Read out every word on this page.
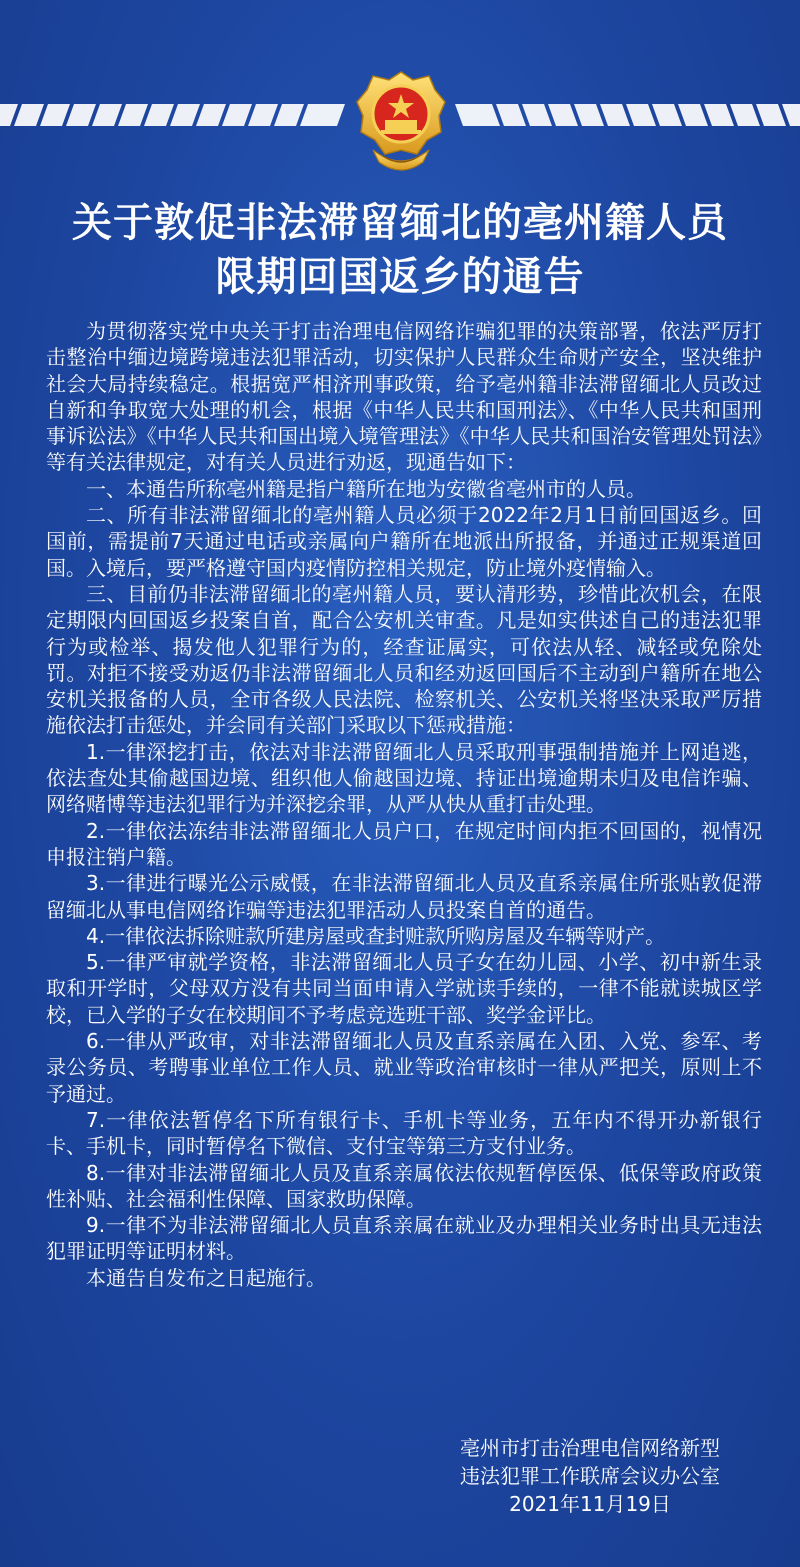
关于敦促非法滞留缅北的亳州籍人员
限期回国返乡的通告

为贯彻落实党中央关于打击治理电信网络诈骗犯罪的决策部署，依法严厉打击整治中缅边境跨境违法犯罪活动，切实保护人民群众生命财产安全，坚决维护社会大局持续稳定。根据宽严相济刑事政策，给予亳州籍非法滞留缅北人员改过自新和争取宽大处理的机会，根据《中华人民共和国刑法》、《中华人民共和国刑事诉讼法》《中华人民共和国出境入境管理法》《中华人民共和国治安管理处罚法》等有关法律规定，对有关人员进行劝返，现通告如下：

一、本通告所称亳州籍是指户籍所在地为安徽省亳州市的人员。

二、所有非法滞留缅北的亳州籍人员必须于2022年2月1日前回国返乡。回国前，需提前7天通过电话或亲属向户籍所在地派出所报备，并通过正规渠道回国。入境后，要严格遵守国内疫情防控相关规定，防止境外疫情输入。

三、目前仍非法滞留缅北的亳州籍人员，要认清形势，珍惜此次机会，在限定期限内回国返乡投案自首，配合公安机关审查。凡是如实供述自己的违法犯罪行为或检举、揭发他人犯罪行为的，经查证属实，可依法从轻、减轻或免除处罚。对拒不接受劝返仍非法滞留缅北人员和经劝返回国后不主动到户籍所在地公安机关报备的人员，全市各级人民法院、检察机关、公安机关将坚决采取严厉措施依法打击惩处，并会同有关部门采取以下惩戒措施：

1.一律深挖打击，依法对非法滞留缅北人员采取刑事强制措施并上网追逃，依法查处其偷越国边境、组织他人偷越国边境、持证出境逾期未归及电信诈骗、网络赌博等违法犯罪行为并深挖余罪，从严从快从重打击处理。

2.一律依法冻结非法滞留缅北人员户口，在规定时间内拒不回国的，视情况申报注销户籍。

3.一律进行曝光公示威慑，在非法滞留缅北人员及直系亲属住所张贴敦促滞留缅北从事电信网络诈骗等违法犯罪活动人员投案自首的通告。

4.一律依法拆除赃款所建房屋或查封赃款所购房屋及车辆等财产。

5.一律严审就学资格，非法滞留缅北人员子女在幼儿园、小学、初中新生录取和开学时，父母双方没有共同当面申请入学就读手续的，一律不能就读城区学校，已入学的子女在校期间不予考虑竞选班干部、奖学金评比。

6.一律从严政审，对非法滞留缅北人员及直系亲属在入团、入党、参军、考录公务员、考聘事业单位工作人员、就业等政治审核时一律从严把关，原则上不予通过。

7.一律依法暂停名下所有银行卡、手机卡等业务，五年内不得开办新银行卡、手机卡，同时暂停名下微信、支付宝等第三方支付业务。

8.一律对非法滞留缅北人员及直系亲属依法依规暂停医保、低保等政府政策性补贴、社会福利性保障、国家救助保障。

9.一律不为非法滞留缅北人员直系亲属在就业及办理相关业务时出具无违法犯罪证明等证明材料。

本通告自发布之日起施行。

亳州市打击治理电信网络新型
违法犯罪工作联席会议办公室
2021年11月19日
